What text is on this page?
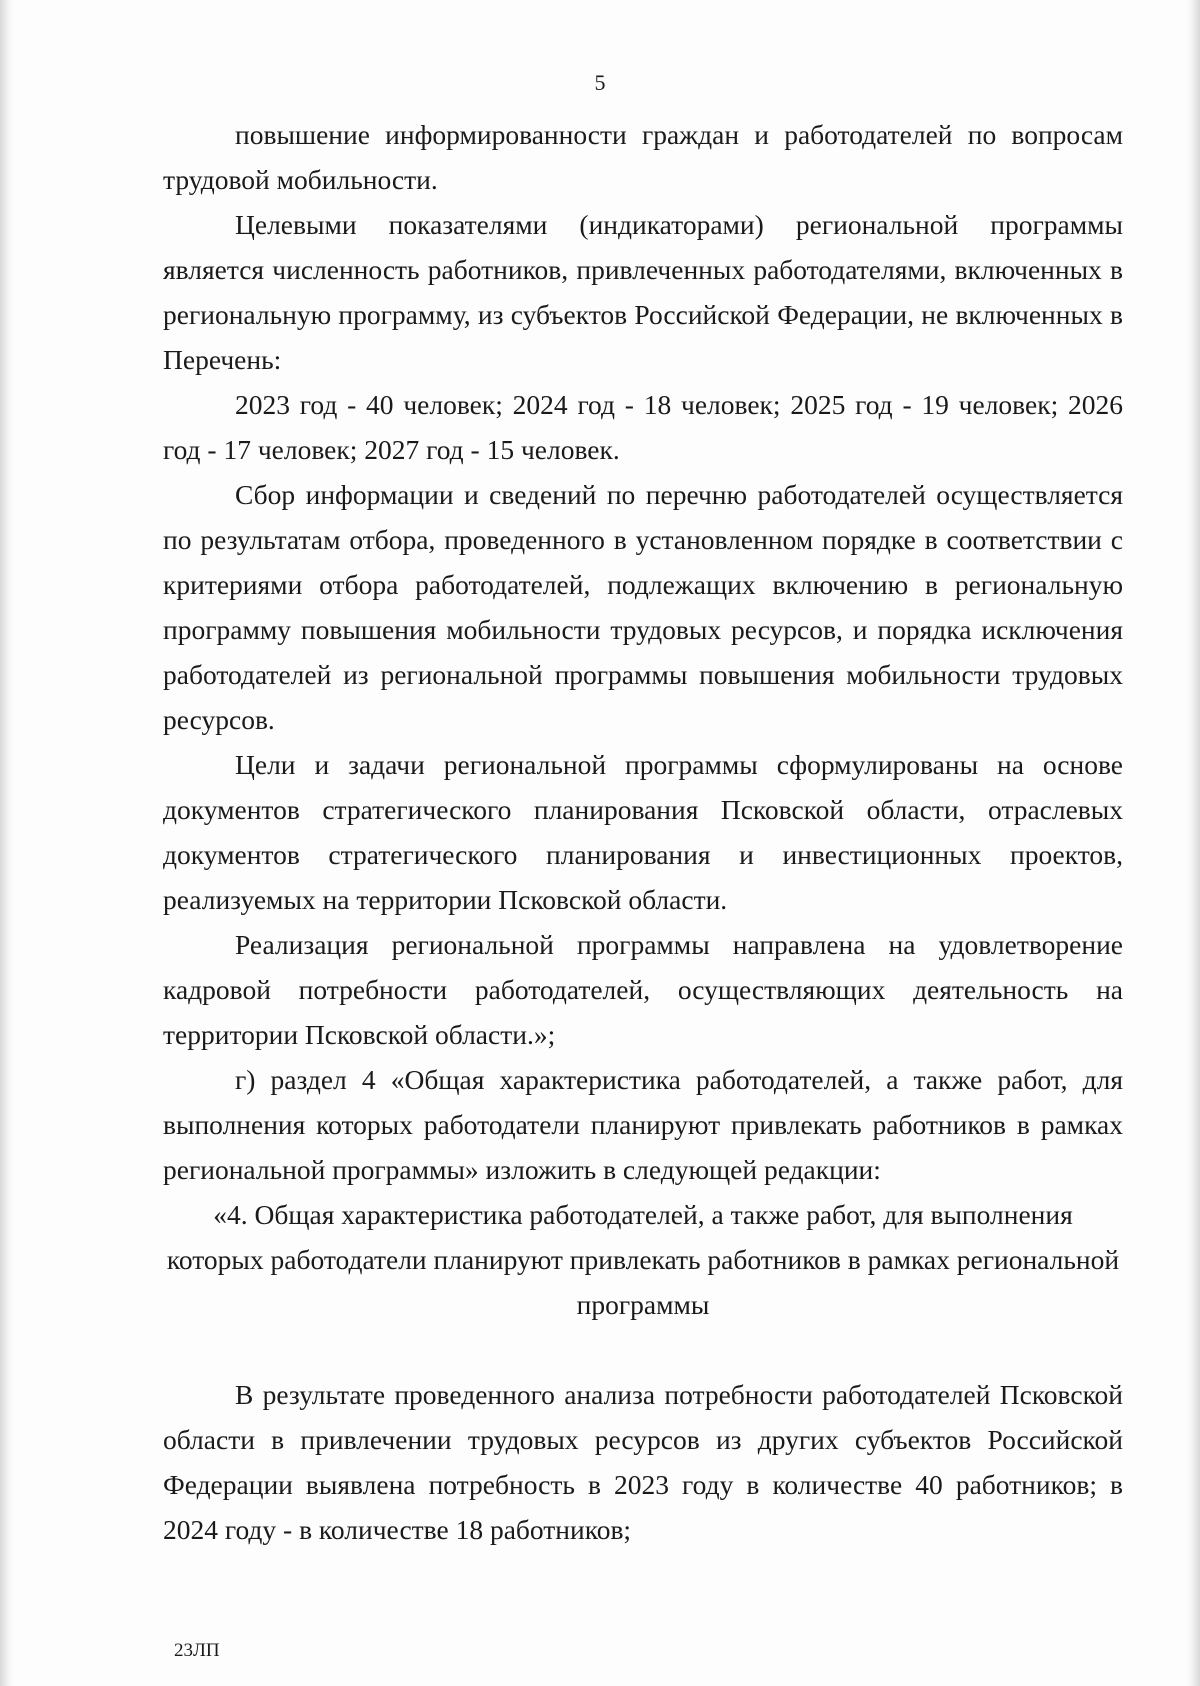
5

повышение информированности граждан и работодателей по вопросам трудовой мобильности.

Целевыми показателями (индикаторами) региональной программы является численность работников, привлеченных работодателями, включенных в региональную программу, из субъектов Российской Федерации, не включенных в Перечень:

2023 год - 40 человек; 2024 год - 18 человек; 2025 год - 19 человек; 2026 год - 17 человек; 2027 год - 15 человек.

Сбор информации и сведений по перечню работодателей осуществляется по результатам отбора, проведенного в установленном порядке в соответствии с критериями отбора работодателей, подлежащих включению в региональную программу повышения мобильности трудовых ресурсов, и порядка исключения работодателей из региональной программы повышения мобильности трудовых ресурсов.

Цели и задачи региональной программы сформулированы на основе документов стратегического планирования Псковской области, отраслевых документов стратегического планирования и инвестиционных проектов, реализуемых на территории Псковской области.

Реализация региональной программы направлена на удовлетворение кадровой потребности работодателей, осуществляющих деятельность на территории Псковской области.»;

г) раздел 4 «Общая характеристика работодателей, а также работ, для выполнения которых работодатели планируют привлекать работников в рамках региональной программы» изложить в следующей редакции:

«4. Общая характеристика работодателей, а также работ, для выполнения которых работодатели планируют привлекать работников в рамках региональной программы

В результате проведенного анализа потребности работодателей Псковской области в привлечении трудовых ресурсов из других субъектов Российской Федерации выявлена потребность в 2023 году в количестве 40 работников; в 2024 году - в количестве 18 работников;

23ЛП
